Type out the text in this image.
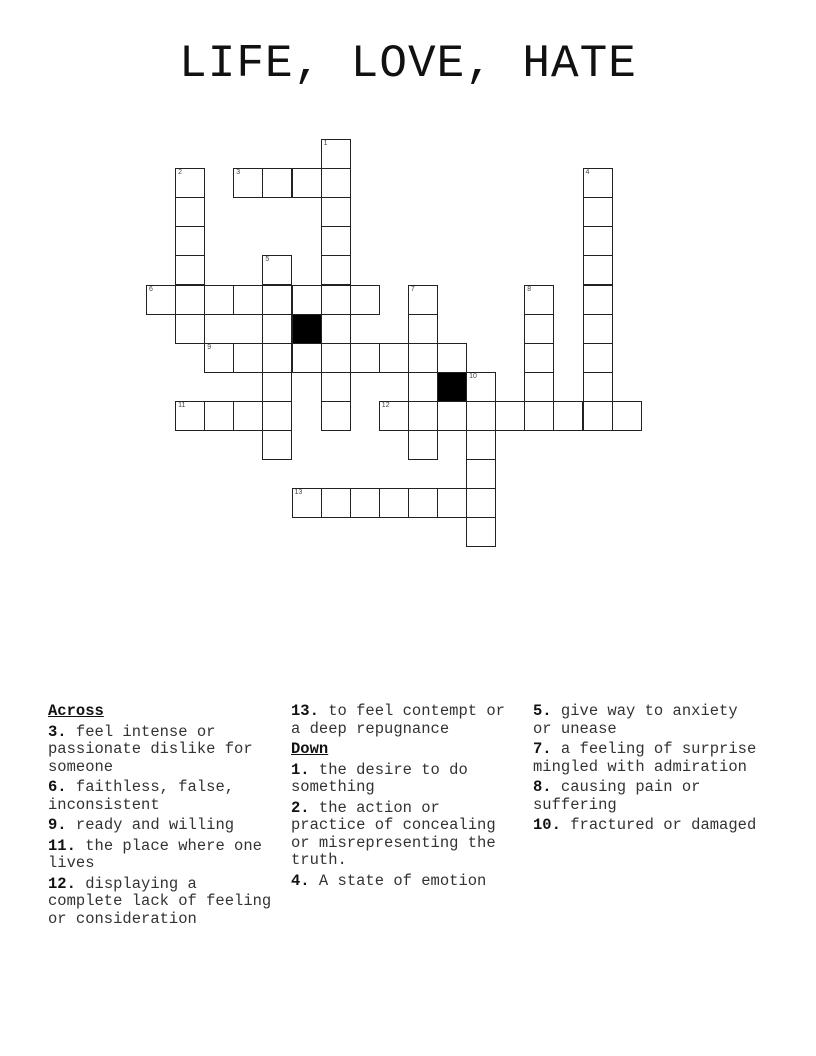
LIFE, LOVE, HATE
1
2	3	4
5
6	7	8
9
10
11	12
13
Across
3. feel intense or passionate dislike for someone
6. faithless, false, inconsistent
9. ready and willing
11. the place where one lives
12. displaying a complete lack of feeling or consideration
13. to feel contempt or a deep repugnance
Down
1. the desire to do something
2. the action or practice of concealing or misrepresenting the truth.
4. A state of emotion
5. give way to anxiety or unease
7. a feeling of surprise mingled with admiration
8. causing pain or suffering
10. fractured or damaged
